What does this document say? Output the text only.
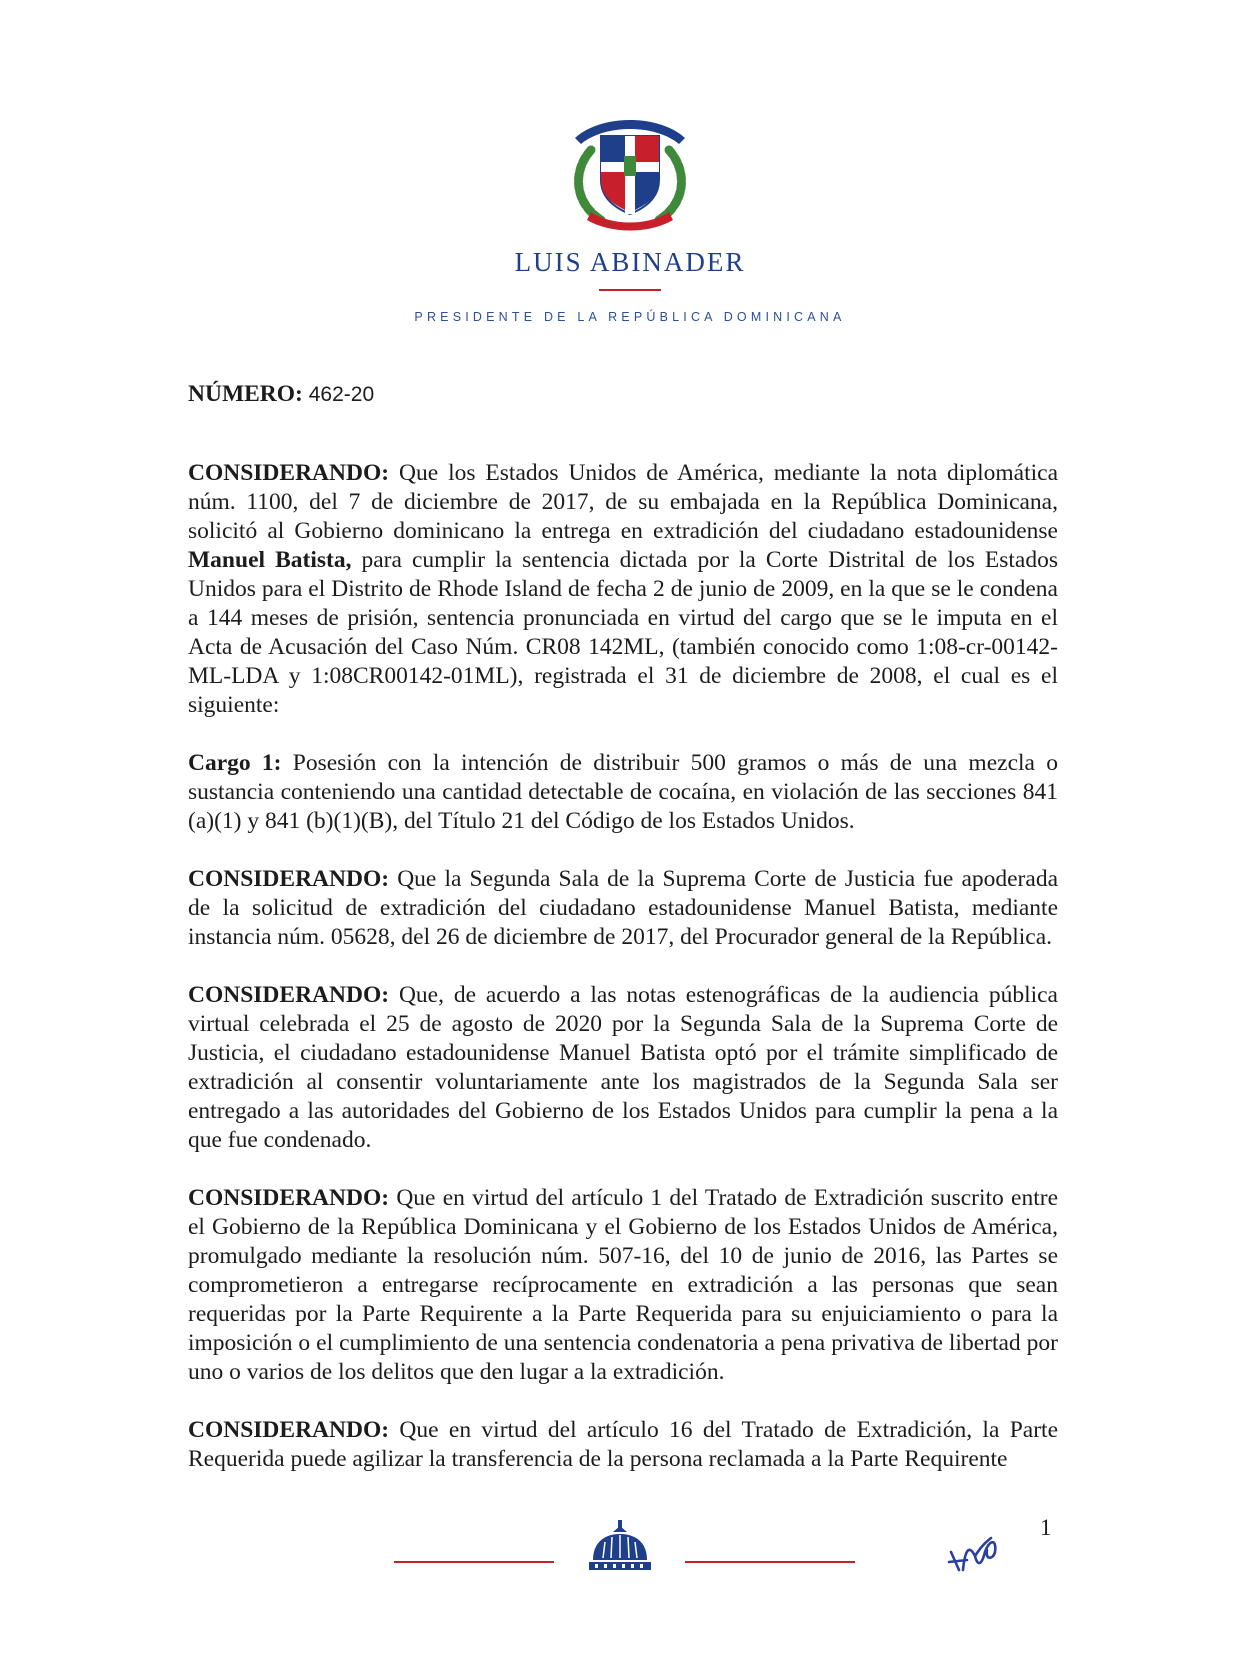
LUIS ABINADER
PRESIDENTE DE LA REPÚBLICA DOMINICANA

NÚMERO: 462-20

CONSIDERANDO: Que los Estados Unidos de América, mediante la nota diplomática núm. 1100, del 7 de diciembre de 2017, de su embajada en la República Dominicana, solicitó al Gobierno dominicano la entrega en extradición del ciudadano estadounidense Manuel Batista, para cumplir la sentencia dictada por la Corte Distrital de los Estados Unidos para el Distrito de Rhode Island de fecha 2 de junio de 2009, en la que se le condena a 144 meses de prisión, sentencia pronunciada en virtud del cargo que se le imputa en el Acta de Acusación del Caso Núm. CR08 142ML, (también conocido como 1:08-cr-00142-ML-LDA y 1:08CR00142-01ML), registrada el 31 de diciembre de 2008, el cual es el siguiente:

Cargo 1: Posesión con la intención de distribuir 500 gramos o más de una mezcla o sustancia conteniendo una cantidad detectable de cocaína, en violación de las secciones 841 (a)(1) y 841 (b)(1)(B), del Título 21 del Código de los Estados Unidos.

CONSIDERANDO: Que la Segunda Sala de la Suprema Corte de Justicia fue apoderada de la solicitud de extradición del ciudadano estadounidense Manuel Batista, mediante instancia núm. 05628, del 26 de diciembre de 2017, del Procurador general de la República.

CONSIDERANDO: Que, de acuerdo a las notas estenográficas de la audiencia pública virtual celebrada el 25 de agosto de 2020 por la Segunda Sala de la Suprema Corte de Justicia, el ciudadano estadounidense Manuel Batista optó por el trámite simplificado de extradición al consentir voluntariamente ante los magistrados de la Segunda Sala ser entregado a las autoridades del Gobierno de los Estados Unidos para cumplir la pena a la que fue condenado.

CONSIDERANDO: Que en virtud del artículo 1 del Tratado de Extradición suscrito entre el Gobierno de la República Dominicana y el Gobierno de los Estados Unidos de América, promulgado mediante la resolución núm. 507-16, del 10 de junio de 2016, las Partes se comprometieron a entregarse recíprocamente en extradición a las personas que sean requeridas por la Parte Requirente a la Parte Requerida para su enjuiciamiento o para la imposición o el cumplimiento de una sentencia condenatoria a pena privativa de libertad por uno o varios de los delitos que den lugar a la extradición.

CONSIDERANDO: Que en virtud del artículo 16 del Tratado de Extradición, la Parte Requerida puede agilizar la transferencia de la persona reclamada a la Parte Requirente

1
